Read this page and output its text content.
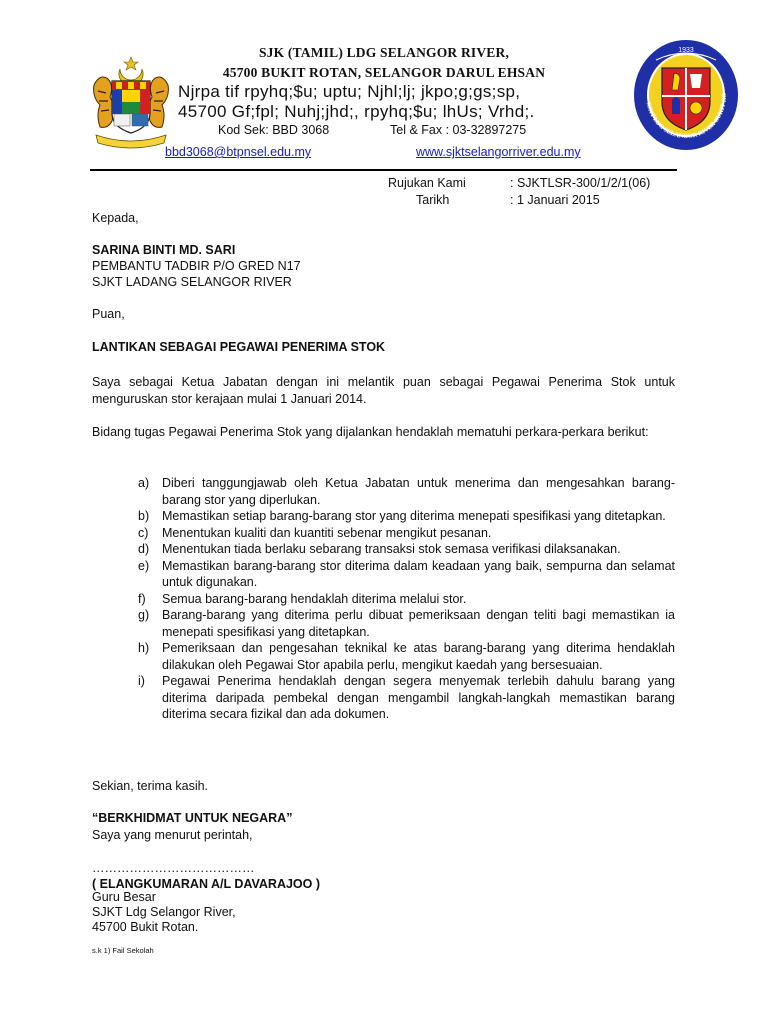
1933
SJKT LDG SELANGOR RIVER BUKIT RO
SJK (TAMIL) LDG SELANGOR RIVER,
45700 BUKIT ROTAN, SELANGOR DARUL EHSAN
Njrpa tif rpyhq;$u; uptu; Njhl;lj; jkpo;g;gs;sp,
45700 Gf;fpl; Nuhj;jhd;, rpyhq;$u; lhUs; Vrhd;.
Kod Sek: BBD 3068	Tel & Fax : 03-32897275
bbd3068@btpnsel.edu.my	www.sjktselangorriver.edu.my
Rujukan Kami	: SJKTLSR-300/1/2/1(06)
Tarikh	: 1 Januari 2015
Kepada,
SARINA BINTI MD. SARI
PEMBANTU TADBIR P/O GRED N17
SJKT LADANG SELANGOR RIVER
Puan,
LANTIKAN SEBAGAI PEGAWAI PENERIMA STOK
Saya sebagai Ketua Jabatan dengan ini melantik puan sebagai Pegawai Penerima Stok untuk menguruskan stor kerajaan mulai 1 Januari 2014.
Bidang tugas Pegawai Penerima Stok yang dijalankan hendaklah mematuhi perkara-perkara berikut:
a) Diberi tanggungjawab oleh Ketua Jabatan untuk menerima dan mengesahkan barang-barang stor yang diperlukan.
b) Memastikan setiap barang-barang stor yang diterima menepati spesifikasi yang ditetapkan.
c) Menentukan kualiti dan kuantiti sebenar mengikut pesanan.
d) Menentukan tiada berlaku sebarang transaksi stok semasa verifikasi dilaksanakan.
e) Memastikan barang-barang stor diterima dalam keadaan yang baik, sempurna dan selamat untuk digunakan.
f) Semua barang-barang hendaklah diterima melalui stor.
g) Barang-barang yang diterima perlu dibuat pemeriksaan dengan teliti bagi memastikan ia menepati spesifikasi yang ditetapkan.
h) Pemeriksaan dan pengesahan teknikal ke atas barang-barang yang diterima hendaklah dilakukan oleh Pegawai Stor apabila perlu, mengikut kaedah yang bersesuaian.
i) Pegawai Penerima hendaklah dengan segera menyemak terlebih dahulu barang yang diterima daripada pembekal dengan mengambil langkah-langkah memastikan barang diterima secara fizikal dan ada dokumen.
Sekian, terima kasih.
“BERKHIDMAT UNTUK NEGARA”
Saya yang menurut perintah,
…………………………………
( ELANGKUMARAN A/L DAVARAJOO )
Guru Besar
SJKT Ldg Selangor River,
45700 Bukit Rotan.
s.k 1) Fail Sekolah
